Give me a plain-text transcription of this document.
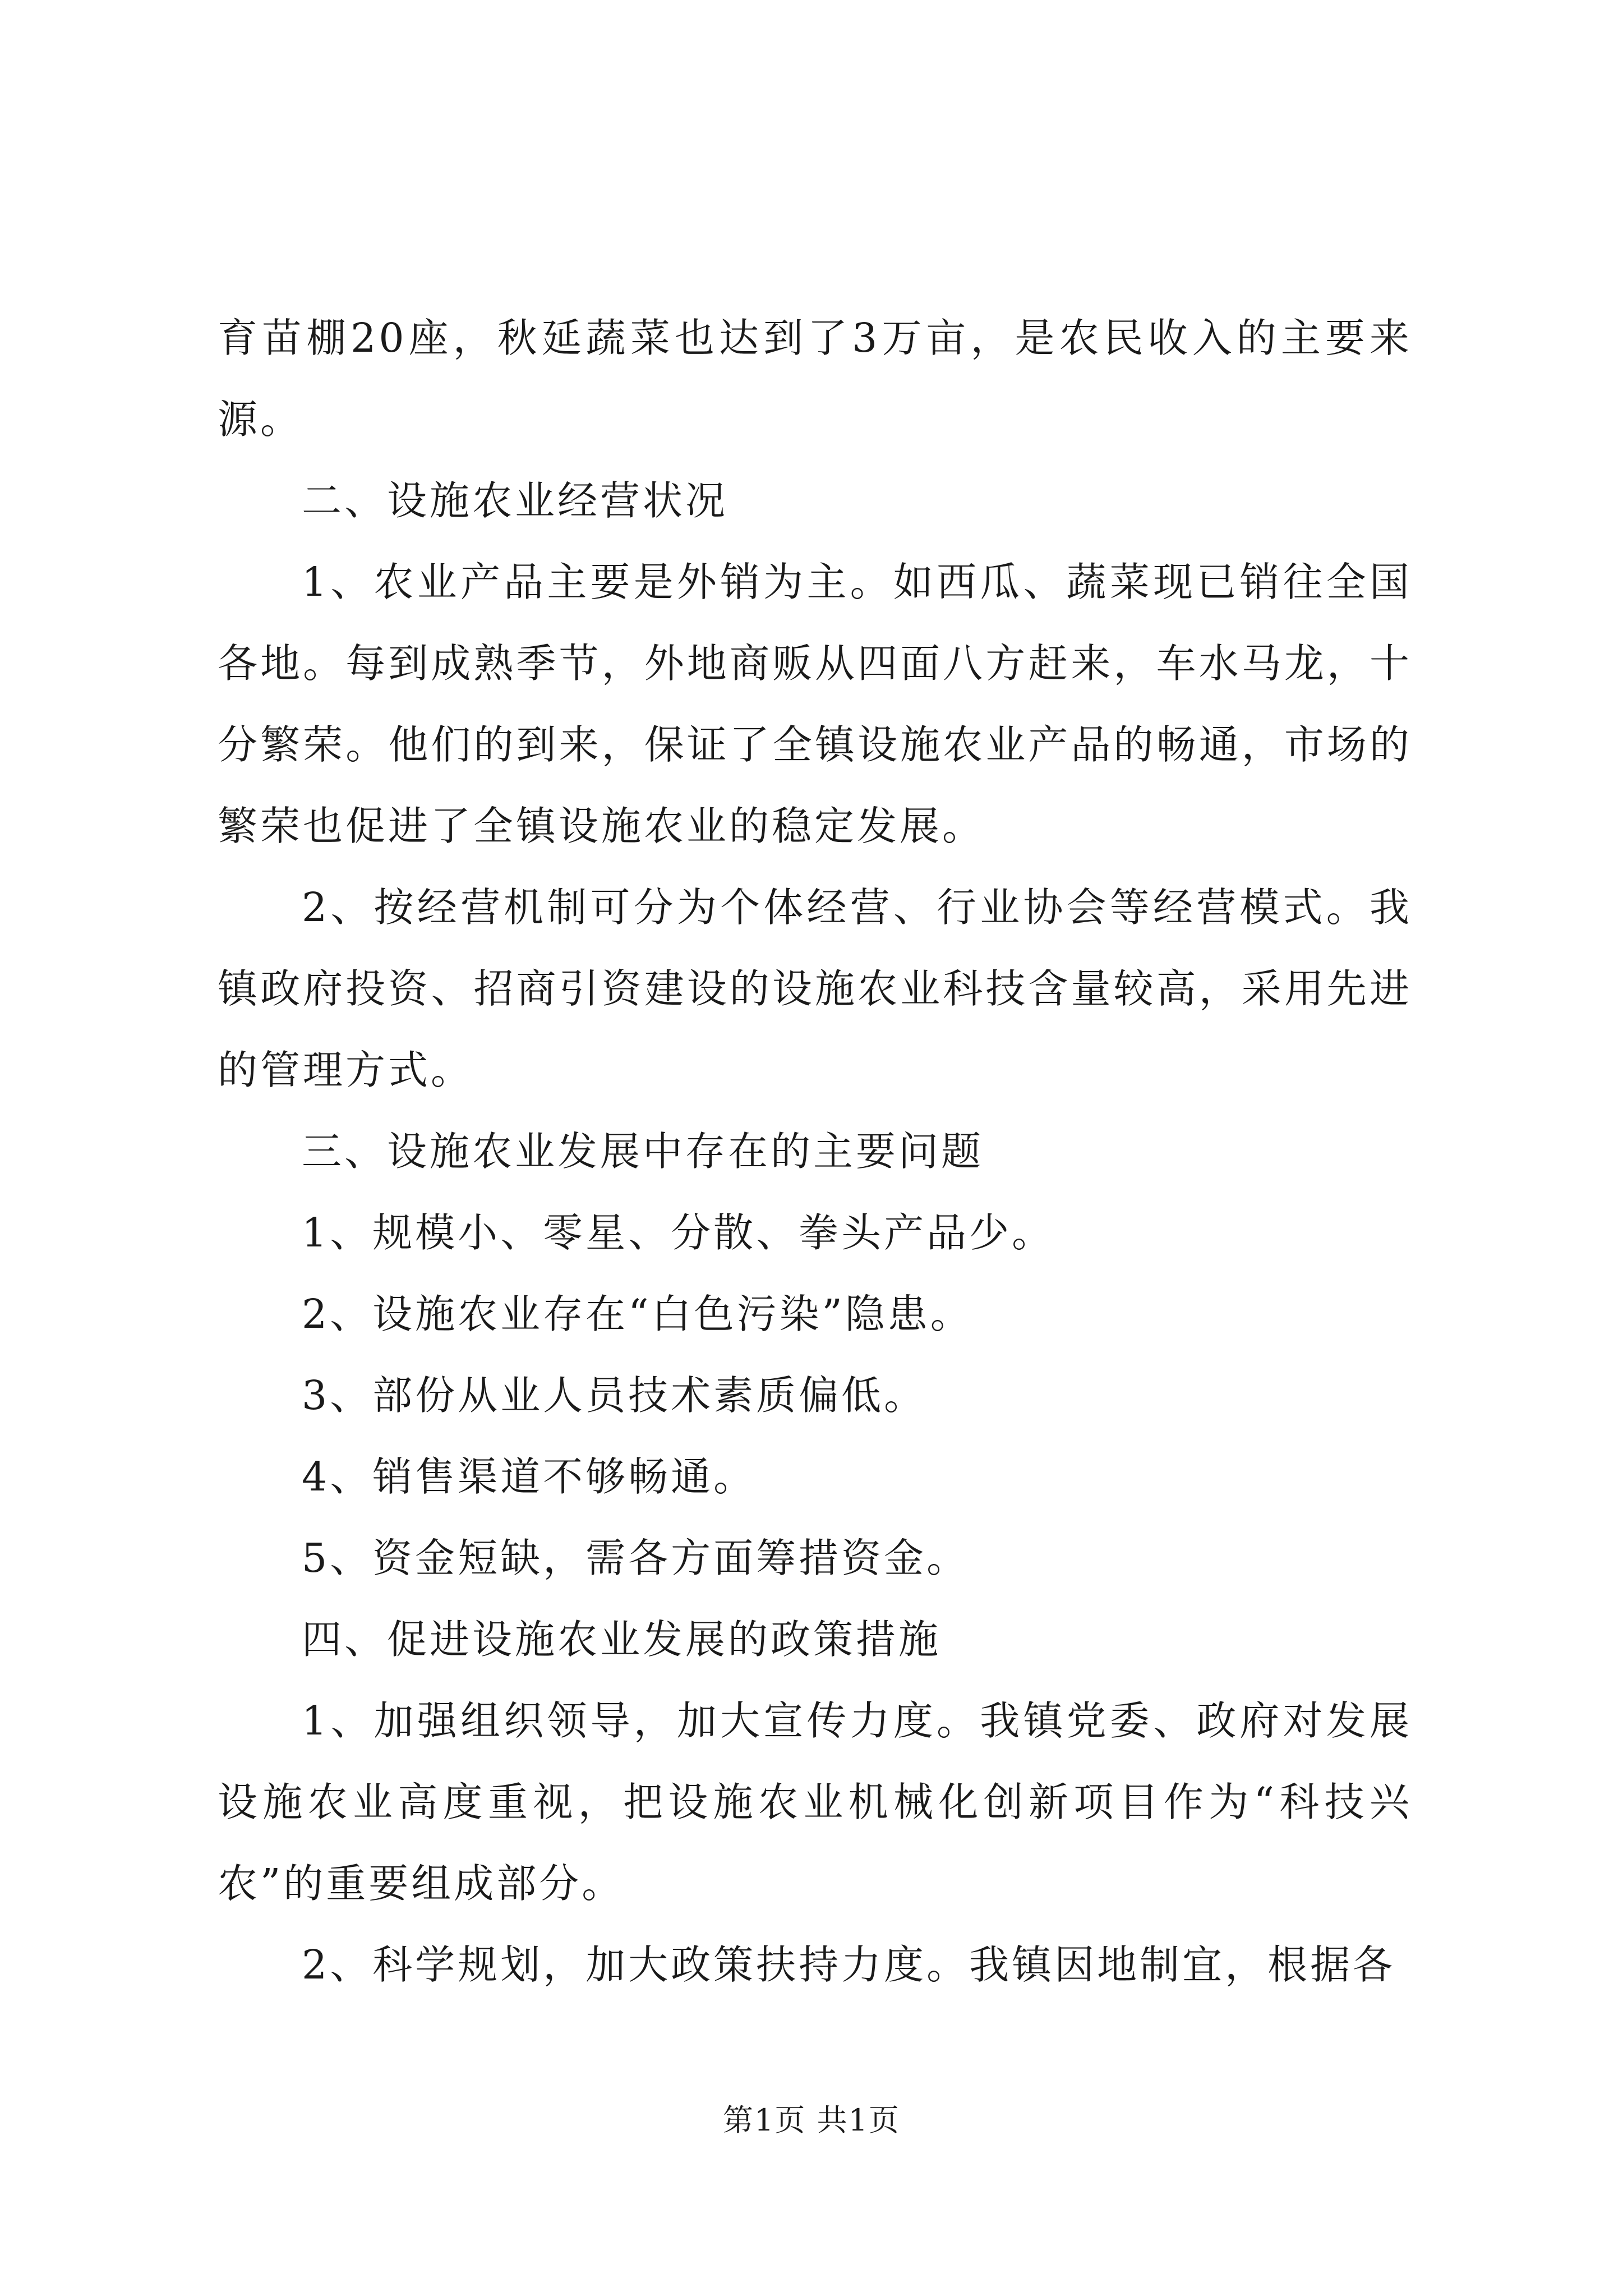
育苗棚20座，秋延蔬菜也达到了3万亩，是农民收入的主要来源。

二、设施农业经营状况

1、农业产品主要是外销为主。如西瓜、蔬菜现已销往全国各地。每到成熟季节，外地商贩从四面八方赶来，车水马龙，十分繁荣。他们的到来，保证了全镇设施农业产品的畅通，市场的繁荣也促进了全镇设施农业的稳定发展。

2、按经营机制可分为个体经营、行业协会等经营模式。我镇政府投资、招商引资建设的设施农业科技含量较高，采用先进的管理方式。

三、设施农业发展中存在的主要问题

1、规模小、零星、分散、拳头产品少。

2、设施农业存在“白色污染”隐患。

3、部份从业人员技术素质偏低。

4、销售渠道不够畅通。

5、资金短缺，需各方面筹措资金。

四、促进设施农业发展的政策措施

1、加强组织领导，加大宣传力度。我镇党委、政府对发展设施农业高度重视，把设施农业机械化创新项目作为“科技兴农”的重要组成部分。

2、科学规划，加大政策扶持力度。我镇因地制宜，根据各

第1页 共1页
